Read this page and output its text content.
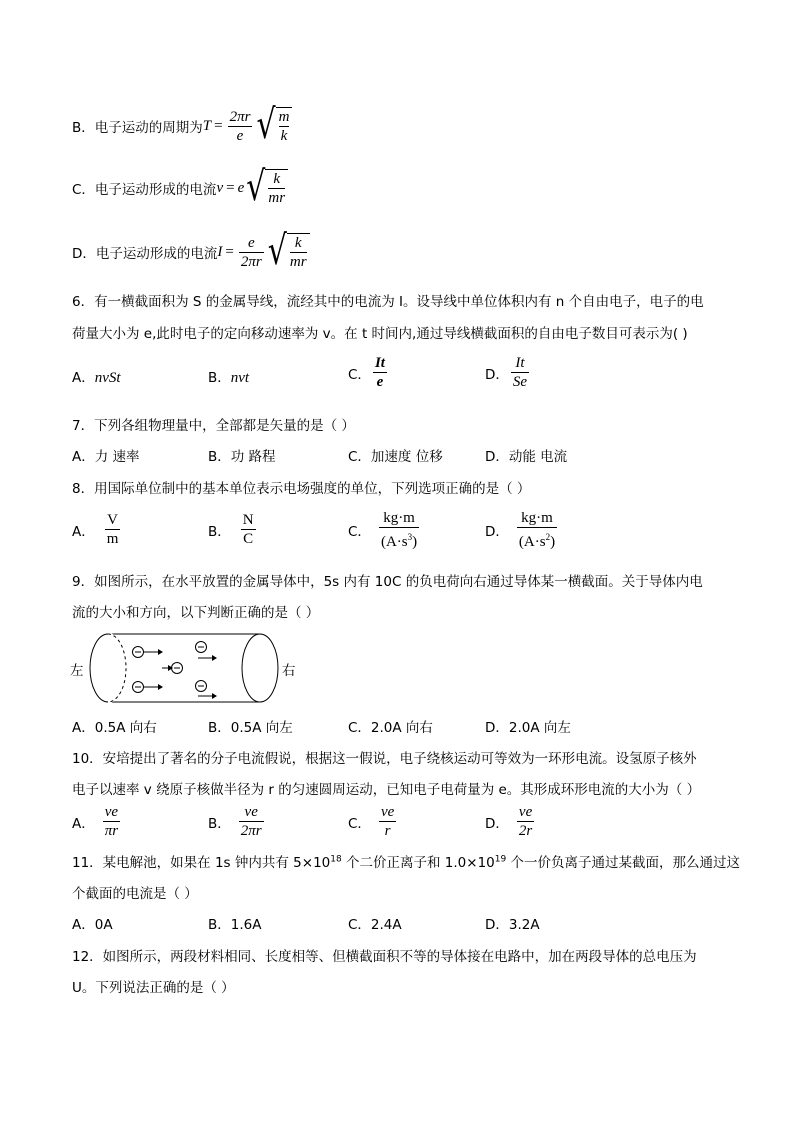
B．电子运动的周期为 $T = \frac{2\pi r}{e}$ √ m
k
C．电子运动形成的电流 v = e √ k
mr
D．电子运动形成的电流 $I = \frac{e}{2\pi r}$ √ k
mr
6．有一横截面积为 S 的金属导线，流经其中的电流为 I。设导线中单位体积内有 n 个自由电子，电子的电
荷量大小为 e,此时电子的定向移动速率为 v。在 t 时间内,通过导线横截面积的自由电子数目可表示为( )
A．nvSt	B．nvt	C． $\frac{It}{e}$	D． $\frac{It}{Se}$
7．下列各组物理量中，全部都是矢量的是（ ）
A．力 速率	B．功 路程	C．加速度 位移	D．动能 电流
8．用国际单位制中的基本单位表示电场强度的单位，下列选项正确的是（ ）
A． $\frac{V}{m}$	B． $\frac{N}{C}$	C． $\frac{kg\cdot m}{(A\cdot s^3)}$	D． $\frac{kg\cdot m}{(A\cdot s^2)}$
9．如图所示，在水平放置的金属导体中，5s 内有 10C 的负电荷向右通过导体某一横截面。关于导体内电
流的大小和方向，以下判断正确的是（ ）
左	右
A．0.5A 向右	B．0.5A 向左	C．2.0A 向右	D．2.0A 向左
10．安培提出了著名的分子电流假说，根据这一假说，电子绕核运动可等效为一环形电流。设氢原子核外
电子以速率 v 绕原子核做半径为 r 的匀速圆周运动，已知电子电荷量为 e。其形成环形电流的大小为（ ）
A． $\frac{ve}{\pi r}$	B． $\frac{ve}{2\pi r}$	C． $\frac{ve}{r}$	D． $\frac{ve}{2r}$
11．某电解池，如果在 1s 钟内共有 $5\times 10^{18}$ 个二价正离子和 $1.0\times 10^{19}$ 个一价负离子通过某截面，那么通过这
个截面的电流是（ ）
A．0A	B．1.6A	C．2.4A	D．3.2A
12．如图所示，两段材料相同、长度相等、但横截面积不等的导体接在电路中，加在两段导体的总电压为
U。下列说法正确的是（ ）
